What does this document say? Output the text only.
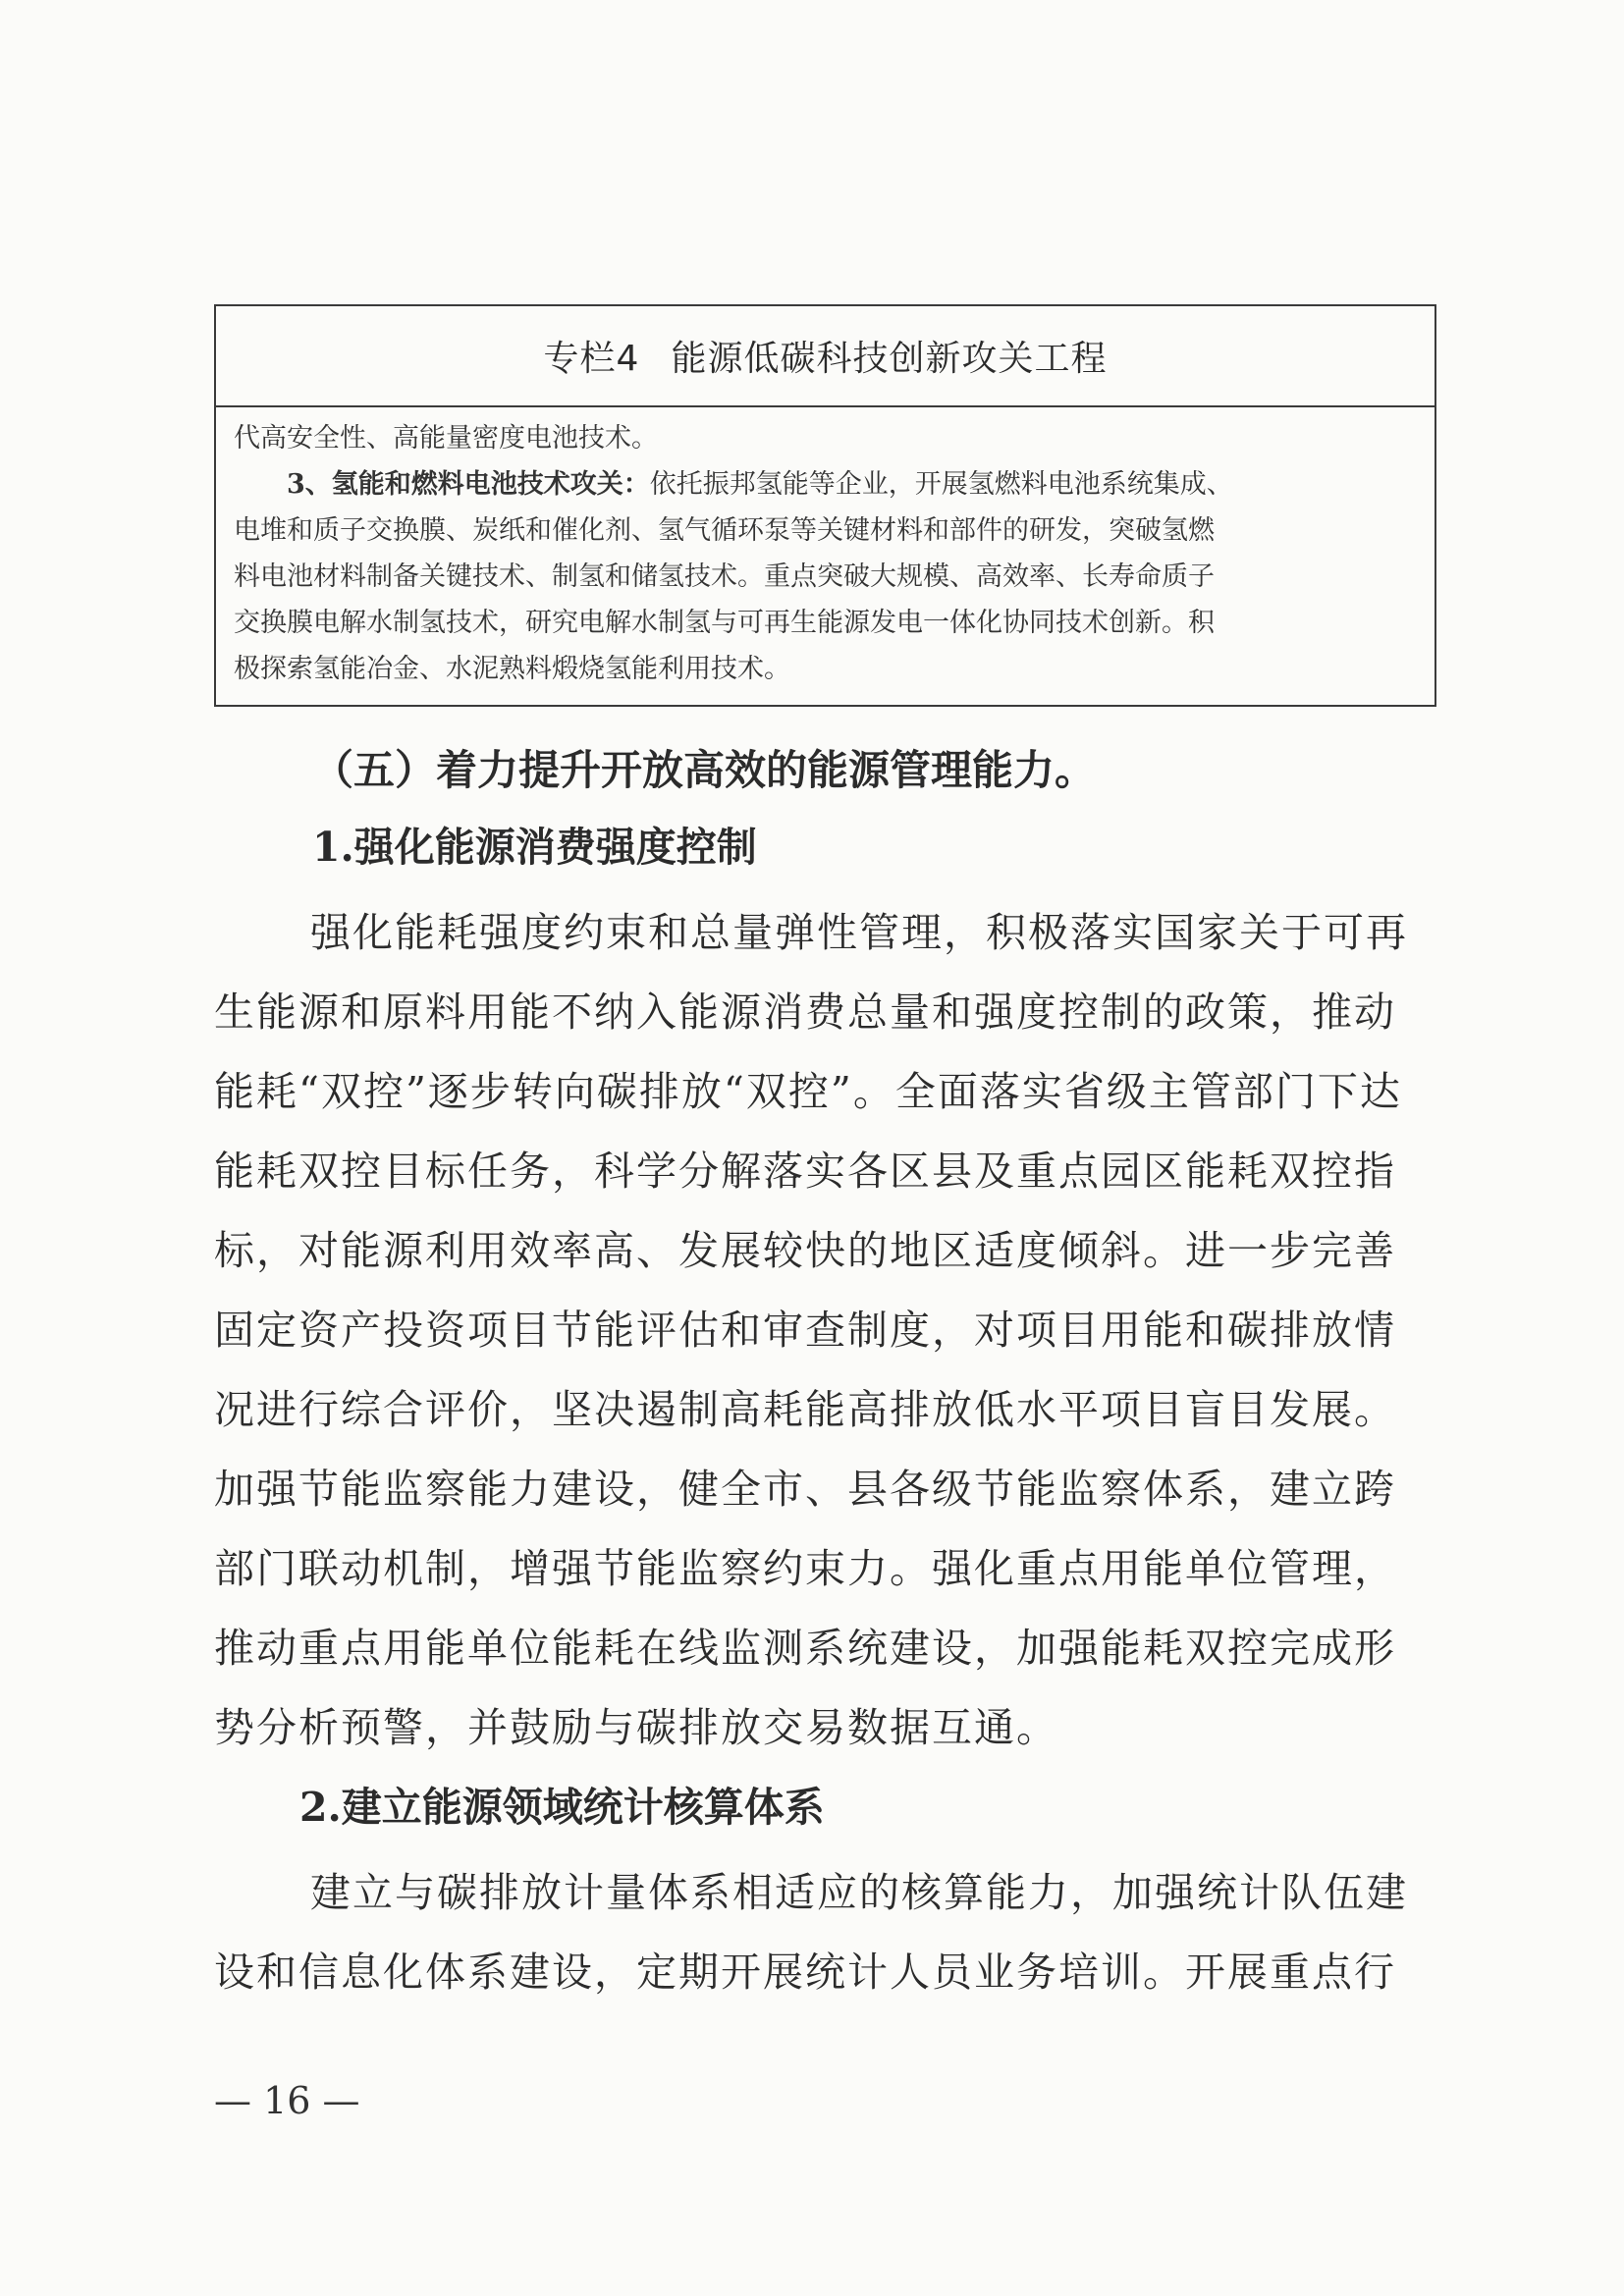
专栏4 能源低碳科技创新攻关工程

代高安全性、高能量密度电池技术。

3、氢能和燃料电池技术攻关：依托振邦氢能等企业，开展氢燃料电池系统集成、

电堆和质子交换膜、炭纸和催化剂、氢气循环泵等关键材料和部件的研发，突破氢燃

料电池材料制备关键技术、制氢和储氢技术。重点突破大规模、高效率、长寿命质子

交换膜电解水制氢技术，研究电解水制氢与可再生能源发电一体化协同技术创新。积

极探索氢能冶金、水泥熟料煅烧氢能利用技术。

（五）着力提升开放高效的能源管理能力。
1.强化能源消费强度控制

强化能耗强度约束和总量弹性管理，积极落实国家关于可再

生能源和原料用能不纳入能源消费总量和强度控制的政策，推动

能耗“双控”逐步转向碳排放“双控”。全面落实省级主管部门下达

能耗双控目标任务，科学分解落实各区县及重点园区能耗双控指

标，对能源利用效率高、发展较快的地区适度倾斜。进一步完善

固定资产投资项目节能评估和审查制度，对项目用能和碳排放情

况进行综合评价，坚决遏制高耗能高排放低水平项目盲目发展。

加强节能监察能力建设，健全市、县各级节能监察体系，建立跨

部门联动机制，增强节能监察约束力。强化重点用能单位管理，

推动重点用能单位能耗在线监测系统建设，加强能耗双控完成形

势分析预警，并鼓励与碳排放交易数据互通。

2.建立能源领域统计核算体系

建立与碳排放计量体系相适应的核算能力，加强统计队伍建

设和信息化体系建设，定期开展统计人员业务培训。开展重点行

— 16 —
